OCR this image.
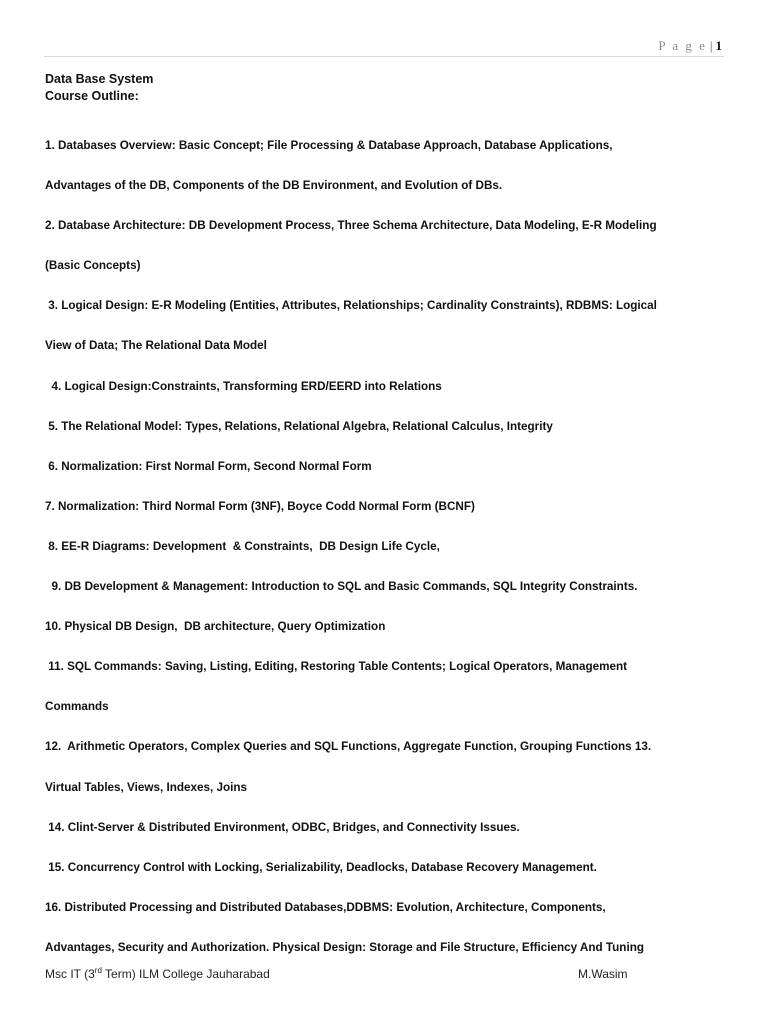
P a g e | 1
Data Base System
Course Outline:
1. Databases Overview: Basic Concept; File Processing & Database Approach, Database Applications,
Advantages of the DB, Components of the DB Environment, and Evolution of DBs.
2. Database Architecture: DB Development Process, Three Schema Architecture, Data Modeling, E-R Modeling
(Basic Concepts)
3. Logical Design: E-R Modeling (Entities, Attributes, Relationships; Cardinality Constraints), RDBMS: Logical
View of Data; The Relational Data Model
4. Logical Design:Constraints, Transforming ERD/EERD into Relations
5. The Relational Model: Types, Relations, Relational Algebra, Relational Calculus, Integrity
6. Normalization: First Normal Form, Second Normal Form
7. Normalization: Third Normal Form (3NF), Boyce Codd Normal Form (BCNF)
8. EE-R Diagrams: Development  & Constraints,  DB Design Life Cycle,
9. DB Development & Management: Introduction to SQL and Basic Commands, SQL Integrity Constraints.
10. Physical DB Design,  DB architecture, Query Optimization
11. SQL Commands: Saving, Listing, Editing, Restoring Table Contents; Logical Operators, Management
Commands
12.  Arithmetic Operators, Complex Queries and SQL Functions, Aggregate Function, Grouping Functions 13.
Virtual Tables, Views, Indexes, Joins
14. Clint-Server & Distributed Environment, ODBC, Bridges, and Connectivity Issues.
15. Concurrency Control with Locking, Serializability, Deadlocks, Database Recovery Management.
16. Distributed Processing and Distributed Databases,DDBMS: Evolution, Architecture, Components,
Advantages, Security and Authorization. Physical Design: Storage and File Structure, Efficiency And Tuning
Msc IT (3rd Term) ILM College Jauharabad	M.Wasim
